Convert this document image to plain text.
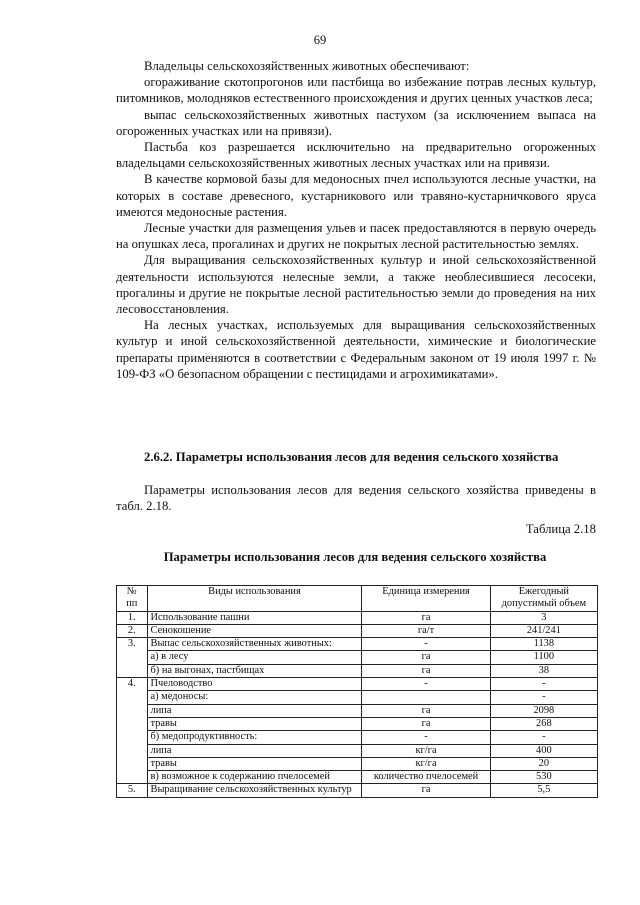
69

Владельцы сельскохозяйственных животных обеспечивают:

огораживание скотопрогонов или пастбища во избежание потрав лесных культур, питомников, молодняков естественного происхождения и других ценных участков леса;

выпас сельскохозяйственных животных пастухом (за исключением выпаса на огороженных участках или на привязи).

Пастьба коз разрешается исключительно на предварительно огороженных владельцами сельскохозяйственных животных лесных участках или на привязи.

В качестве кормовой базы для медоносных пчел используются лесные участки, на которых в составе древесного, кустарникового или травяно-кустарничкового яруса имеются медоносные растения.

Лесные участки для размещения ульев и пасек предоставляются в первую очередь на опушках леса, прогалинах и других не покрытых лесной растительностью землях.

Для выращивания сельскохозяйственных культур и иной сельскохозяйственной деятельности используются нелесные земли, а также необлесившиеся лесосеки, прогалины и другие не покрытые лесной растительностью земли до проведения на них лесовосстановления.

На лесных участках, используемых для выращивания сельскохозяйственных культур и иной сельскохозяйственной деятельности, химические и биологические препараты применяются в соответствии с Федеральным законом от 19 июля 1997 г. № 109-ФЗ «О безопасном обращении с пестицидами и агрохимикатами».

2.6.2. Параметры использования лесов для ведения сельского хозяйства
Параметры использования лесов для ведения сельского хозяйства приведены в табл. 2.18.
Таблица 2.18
Параметры использования лесов для ведения сельского хозяйства
№ пп	Виды использования	Единица измерения	Ежегодный допустимый объем
1.	Использование пашни	га	3
2.	Сенокошение	га/т	241/241
3.	Выпас сельскохозяйственных животных:	-	1138
	а) в лесу	га	1100
	б) на выгонах, пастбищах	га	38
4.	Пчеловодство	-	-
	а) медоносы:		-
	липа	га	2098
	травы	га	268
	б) медопродуктивность:	-	-
	липа	кг/га	400
	травы	кг/га	20
	в) возможное к содержанию пчелосемей	количество пчелосемей	530
5.	Выращивание сельскохозяйственных культур	га	5,5
